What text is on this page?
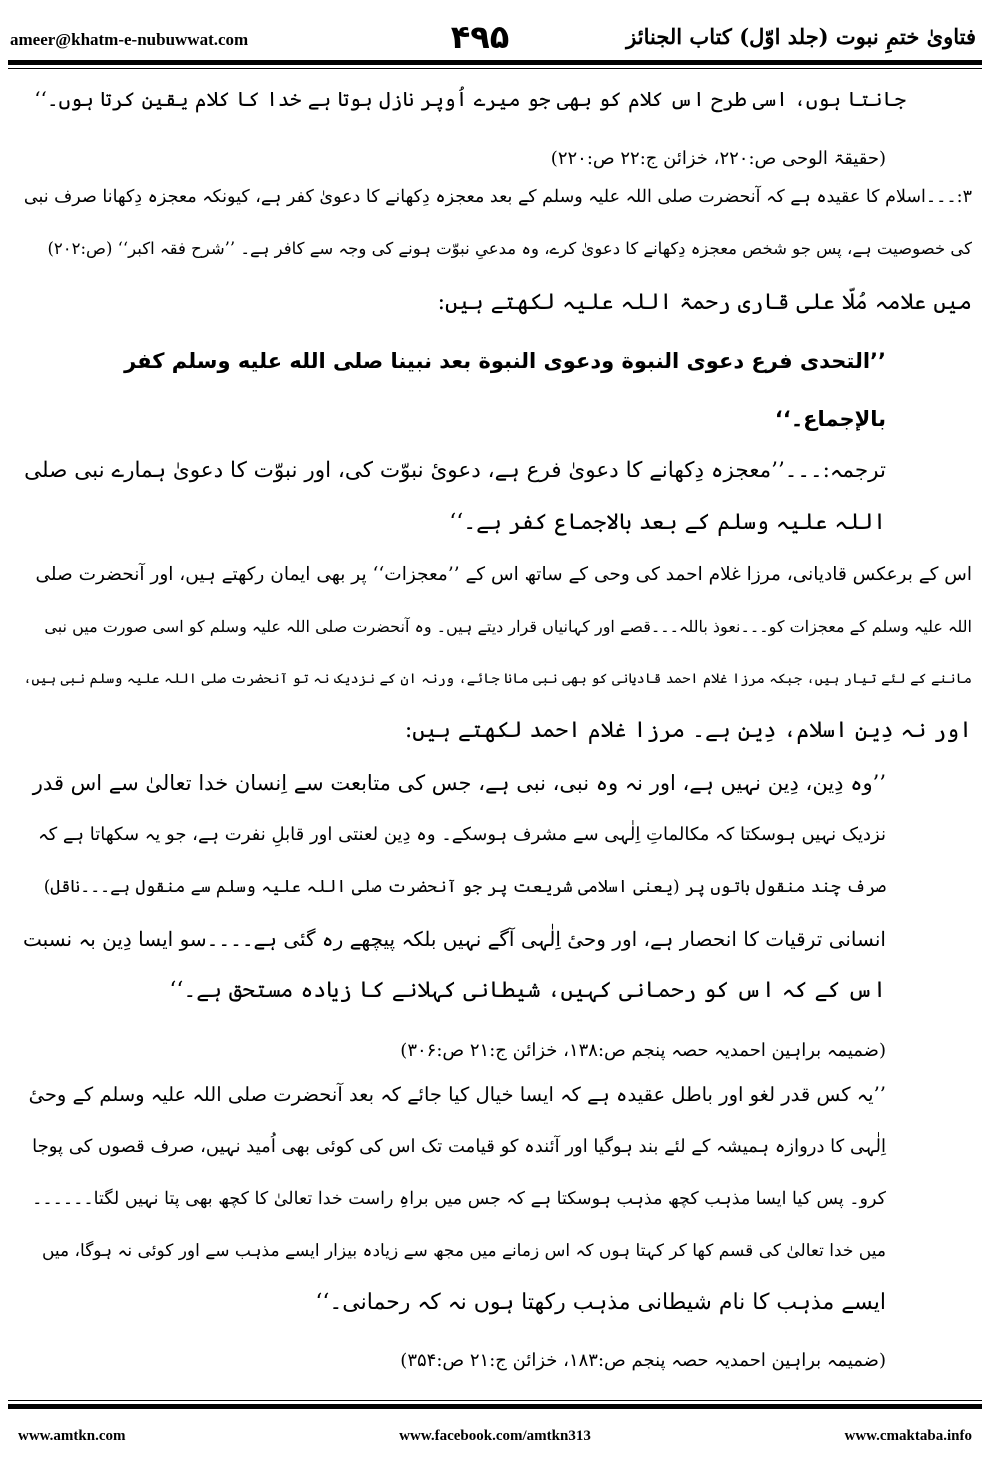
ameer@khatm-e-nubuwwat.com	۴۹۵	فتاویٰ ختمِ نبوت (جلد اوّل) کتاب الجنائز
جانتا ہوں، اسی طرح اس کلام کو بھی جو میرے اُوپر نازل ہوتا ہے خدا کا کلام یقین کرتا ہوں۔‘‘
(حقیقۃ الوحی ص:۲۲۰، خزائن ج:۲۲ ص:۲۲۰)
۳:۔۔۔اسلام کا عقیدہ ہے کہ آنحضرت صلی اللہ علیہ وسلم کے بعد معجزہ دِکھانے کا دعویٰ کفر ہے، کیونکہ معجزہ دِکھانا صرف نبی
کی خصوصیت ہے، پس جو شخص معجزہ دِکھانے کا دعویٰ کرے، وہ مدعیِ نبوّت ہونے کی وجہ سے کافر ہے۔ ’’شرح فقہ اکبر‘‘ (ص:۲۰۲)
میں علامہ مُلّا علی قاری رحمۃ اللہ علیہ لکھتے ہیں:
’’التحدی فرع دعوی النبوة ودعوی النبوة بعد نبینا صلی الله علیه وسلم کفر
بالإجماع۔‘‘
ترجمہ:۔۔۔’’معجزہ دِکھانے کا دعویٰ فرع ہے، دعویٔ نبوّت کی، اور نبوّت کا دعویٰ ہمارے نبی صلی
اللہ علیہ وسلم کے بعد بالاجماع کفر ہے۔‘‘
اس کے برعکس قادیانی، مرزا غلام احمد کی وحی کے ساتھ اس کے ’’معجزات‘‘ پر بھی ایمان رکھتے ہیں، اور آنحضرت صلی
اللہ علیہ وسلم کے معجزات کو۔۔۔نعوذ باللہ۔۔۔قصے اور کہانیاں قرار دیتے ہیں۔ وہ آنحضرت صلی اللہ علیہ وسلم کو اسی صورت میں نبی
ماننے کے لئے تیار ہیں، جبکہ مرزا غلام احمد قادیانی کو بھی نبی مانا جائے، ورنہ ان کے نزدیک نہ تو آنحضرت صلی اللہ علیہ وسلم نبی ہیں،
اور نہ دِینِ اسلام، دِین ہے۔ مرزا غلام احمد لکھتے ہیں:
’’وہ دِین، دِین نہیں ہے، اور نہ وہ نبی، نبی ہے، جس کی متابعت سے اِنسان خدا تعالیٰ سے اس قدر
نزدیک نہیں ہوسکتا کہ مکالماتِ اِلٰہی سے مشرف ہوسکے۔ وہ دِین لعنتی اور قابلِ نفرت ہے، جو یہ سکھاتا ہے کہ
صرف چند منقول باتوں پر (یعنی اسلامی شریعت پر جو آنحضرت صلی اللہ علیہ وسلم سے منقول ہے۔۔۔ناقل)
انسانی ترقیات کا انحصار ہے، اور وحیٔ اِلٰہی آگے نہیں بلکہ پیچھے رہ گئی ہے۔۔۔۔سو ایسا دِین بہ نسبت
اس کے کہ اس کو رحمانی کہیں، شیطانی کہلانے کا زیادہ مستحق ہے۔‘‘
(ضمیمہ براہین احمدیہ حصہ پنجم ص:۱۳۸، خزائن ج:۲۱ ص:۳۰۶)
’’یہ کس قدر لغو اور باطل عقیدہ ہے کہ ایسا خیال کیا جائے کہ بعد آنحضرت صلی اللہ علیہ وسلم کے وحیٔ
اِلٰہی کا دروازہ ہمیشہ کے لئے بند ہوگیا اور آئندہ کو قیامت تک اس کی کوئی بھی اُمید نہیں، صرف قصوں کی پوجا
کرو۔ پس کیا ایسا مذہب کچھ مذہب ہوسکتا ہے کہ جس میں براہِ راست خدا تعالیٰ کا کچھ بھی پتا نہیں لگتا۔۔۔۔۔۔
میں خدا تعالیٰ کی قسم کھا کر کہتا ہوں کہ اس زمانے میں مجھ سے زیادہ بیزار ایسے مذہب سے اور کوئی نہ ہوگا، میں
ایسے مذہب کا نام شیطانی مذہب رکھتا ہوں نہ کہ رحمانی۔‘‘
(ضمیمہ براہین احمدیہ حصہ پنجم ص:۱۸۳، خزائن ج:۲۱ ص:۳۵۴)
www.amtkn.com	www.facebook.com/amtkn313	www.cmaktaba.info
